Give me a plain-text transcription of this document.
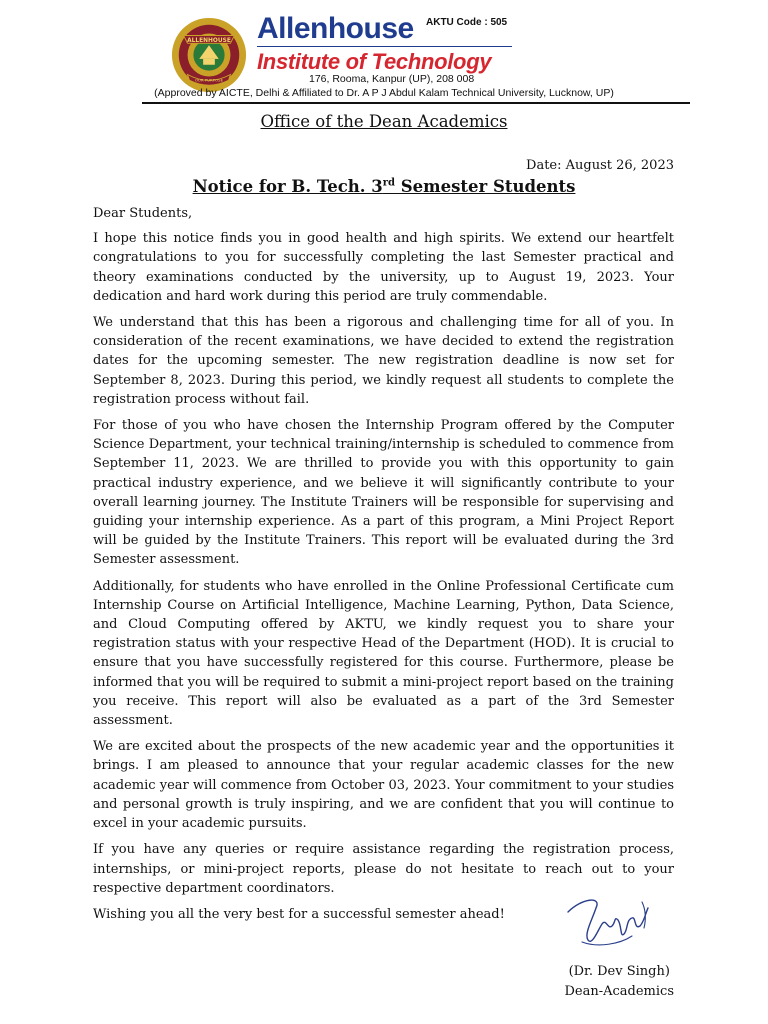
ALLENHOUSE
OUR PURPOSE
Allenhouse AKTU Code : 505
Institute of Technology
176, Rooma, Kanpur (UP), 208 008
(Approved by AICTE, Delhi & Affiliated to Dr. A P J Abdul Kalam Technical University, Lucknow, UP)
Office of the Dean Academics
Date: August 26, 2023
Notice for B. Tech. 3rd Semester Students

Dear Students,

I hope this notice finds you in good health and high spirits. We extend our heartfelt congratulations to you for successfully completing the last Semester practical and theory examinations conducted by the university, up to August 19, 2023. Your dedication and hard work during this period are truly commendable.

We understand that this has been a rigorous and challenging time for all of you. In consideration of the recent examinations, we have decided to extend the registration dates for the upcoming semester. The new registration deadline is now set for September 8, 2023. During this period, we kindly request all students to complete the registration process without fail.

For those of you who have chosen the Internship Program offered by the Computer Science Department, your technical training/internship is scheduled to commence from September 11, 2023. We are thrilled to provide you with this opportunity to gain practical industry experience, and we believe it will significantly contribute to your overall learning journey. The Institute Trainers will be responsible for supervising and guiding your internship experience. As a part of this program, a Mini Project Report will be guided by the Institute Trainers. This report will be evaluated during the 3rd Semester assessment.

Additionally, for students who have enrolled in the Online Professional Certificate cum Internship Course on Artificial Intelligence, Machine Learning, Python, Data Science, and Cloud Computing offered by AKTU, we kindly request you to share your registration status with your respective Head of the Department (HOD). It is crucial to ensure that you have successfully registered for this course. Furthermore, please be informed that you will be required to submit a mini-project report based on the training you receive. This report will also be evaluated as a part of the 3rd Semester assessment.

We are excited about the prospects of the new academic year and the opportunities it brings. I am pleased to announce that your regular academic classes for the new academic year will commence from October 03, 2023. Your commitment to your studies and personal growth is truly inspiring, and we are confident that you will continue to excel in your academic pursuits.

If you have any queries or require assistance regarding the registration process, internships, or mini-project reports, please do not hesitate to reach out to your respective department coordinators.

Wishing you all the very best for a successful semester ahead!

(Dr. Dev Singh)
Dean-Academics
